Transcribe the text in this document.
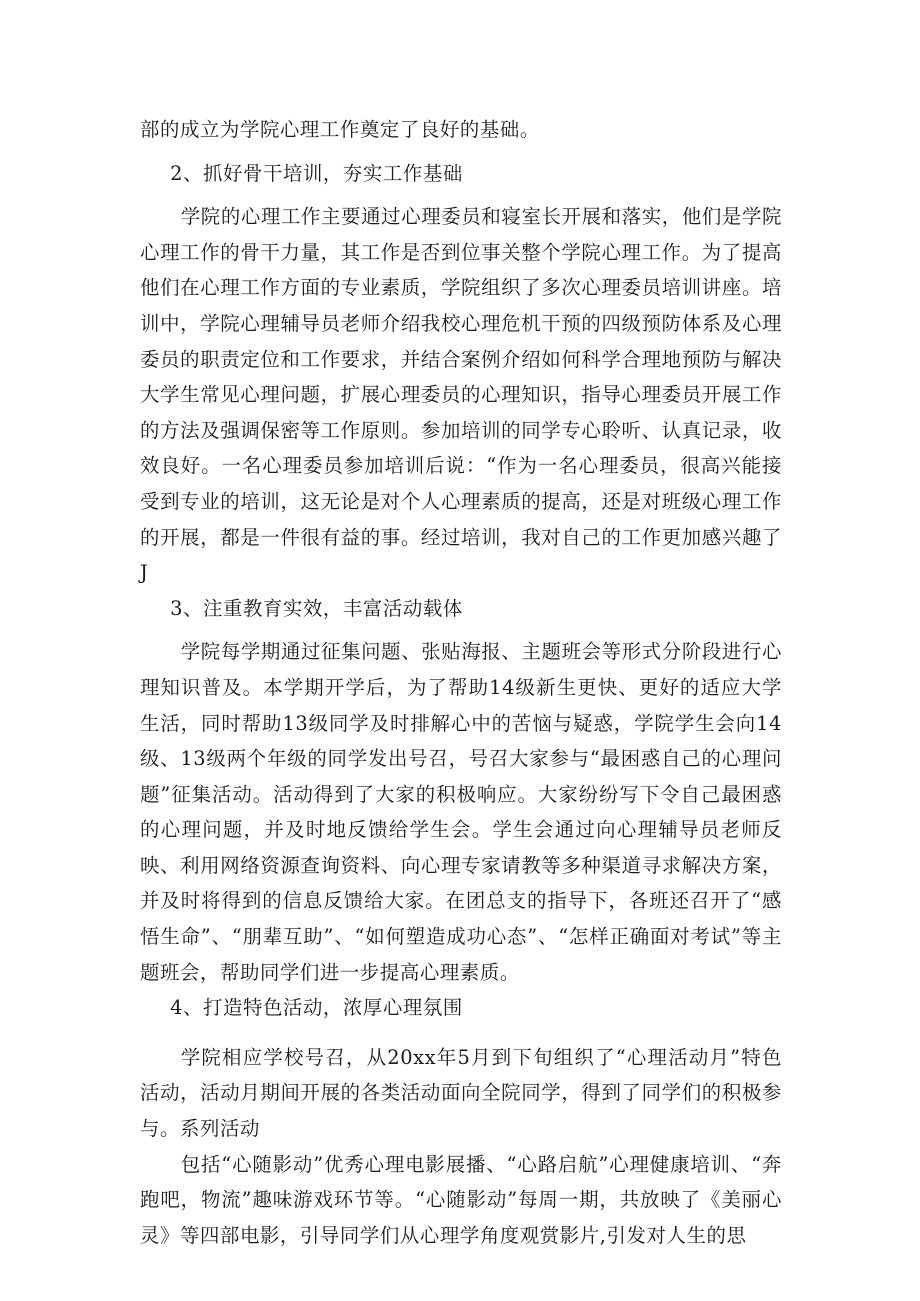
部的成立为学院心理工作奠定了良好的基础。

2、抓好骨干培训，夯实工作基础

学院的心理工作主要通过心理委员和寝室长开展和落实，他们是学院心理工作的骨干力量，其工作是否到位事关整个学院心理工作。为了提高他们在心理工作方面的专业素质，学院组织了多次心理委员培训讲座。培训中，学院心理辅导员老师介绍我校心理危机干预的四级预防体系及心理委员的职责定位和工作要求，并结合案例介绍如何科学合理地预防与解决大学生常见心理问题，扩展心理委员的心理知识，指导心理委员开展工作的方法及强调保密等工作原则。参加培训的同学专心聆听、认真记录，收效良好。一名心理委员参加培训后说：“作为一名心理委员，很高兴能接受到专业的培训，这无论是对个人心理素质的提高，还是对班级心理工作的开展，都是一件很有益的事。经过培训，我对自己的工作更加感兴趣了J

3、注重教育实效，丰富活动载体

学院每学期通过征集问题、张贴海报、主题班会等形式分阶段进行心理知识普及。本学期开学后，为了帮助14级新生更快、更好的适应大学生活，同时帮助13级同学及时排解心中的苦恼与疑惑，学院学生会向14级、13级两个年级的同学发出号召，号召大家参与“最困惑自己的心理问题”征集活动。活动得到了大家的积极响应。大家纷纷写下令自己最困惑的心理问题，并及时地反馈给学生会。学生会通过向心理辅导员老师反映、利用网络资源查询资料、向心理专家请教等多种渠道寻求解决方案，并及时将得到的信息反馈给大家。在团总支的指导下，各班还召开了“感悟生命”、“朋辈互助”、“如何塑造成功心态”、“怎样正确面对考试”等主题班会，帮助同学们进一步提高心理素质。

4、打造特色活动，浓厚心理氛围

学院相应学校号召，从20xx年5月到下旬组织了“心理活动月”特色活动，活动月期间开展的各类活动面向全院同学，得到了同学们的积极参与。系列活动

包括“心随影动”优秀心理电影展播、“心路启航”心理健康培训、“奔跑吧，物流”趣味游戏环节等。“心随影动”每周一期，共放映了《美丽心灵》等四部电影，引导同学们从心理学角度观赏影片,引发对人生的思
